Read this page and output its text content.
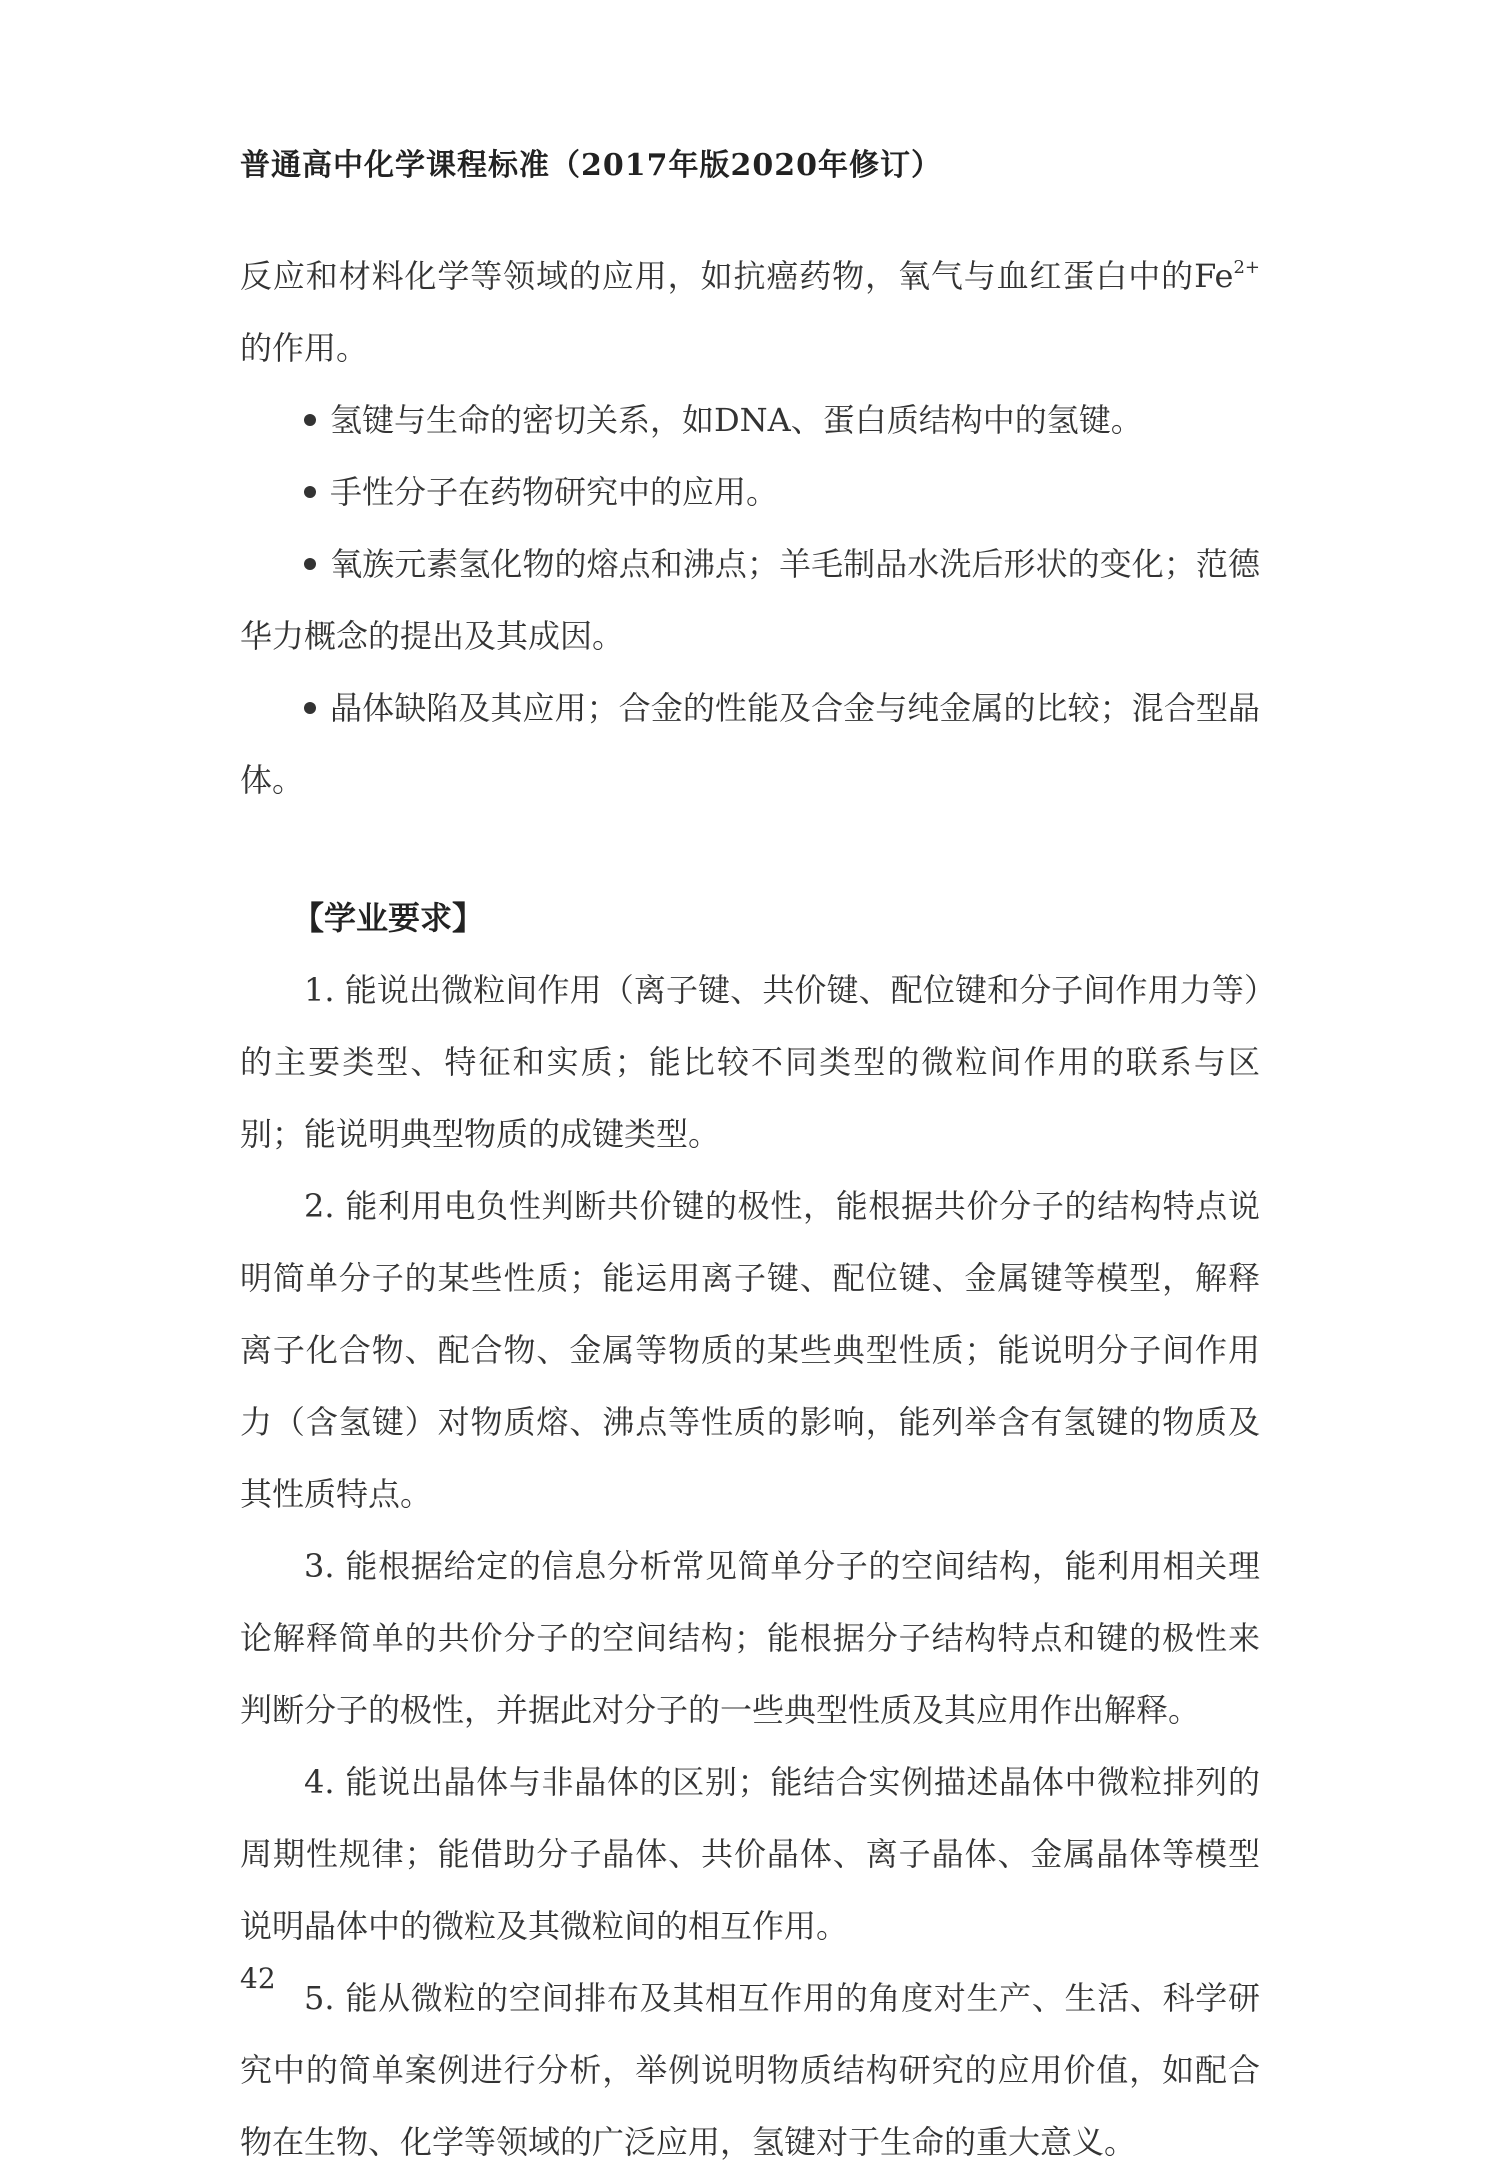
普通高中化学课程标准（2017年版2020年修订）

反应和材料化学等领域的应用，如抗癌药物，氧气与血红蛋白中的$Fe^{2+}$ 的作用。

氢键与生命的密切关系，如DNA、蛋白质结构中的氢键。

手性分子在药物研究中的应用。

氧族元素氢化物的熔点和沸点；羊毛制品水洗后形状的变化；范德华力概念的提出及其成因。

晶体缺陷及其应用；合金的性能及合金与纯金属的比较；混合型晶体。

【学业要求】

1. 能说出微粒间作用（离子键、共价键、配位键和分子间作用力等）的主要类型、特征和实质；能比较不同类型的微粒间作用的联系与区别；能说明典型物质的成键类型。

2. 能利用电负性判断共价键的极性，能根据共价分子的结构特点说明简单分子的某些性质；能运用离子键、配位键、金属键等模型，解释离子化合物、配合物、金属等物质的某些典型性质；能说明分子间作用力（含氢键）对物质熔、沸点等性质的影响，能列举含有氢键的物质及其性质特点。

3. 能根据给定的信息分析常见简单分子的空间结构，能利用相关理论解释简单的共价分子的空间结构；能根据分子结构特点和键的极性来判断分子的极性，并据此对分子的一些典型性质及其应用作出解释。

4. 能说出晶体与非晶体的区别；能结合实例描述晶体中微粒排列的周期性规律；能借助分子晶体、共价晶体、离子晶体、金属晶体等模型说明晶体中的微粒及其微粒间的相互作用。

5. 能从微粒的空间排布及其相互作用的角度对生产、生活、科学研究中的简单案例进行分析，举例说明物质结构研究的应用价值，如配合物在生物、化学等领域的广泛应用，氢键对于生命的重大意义。

42
